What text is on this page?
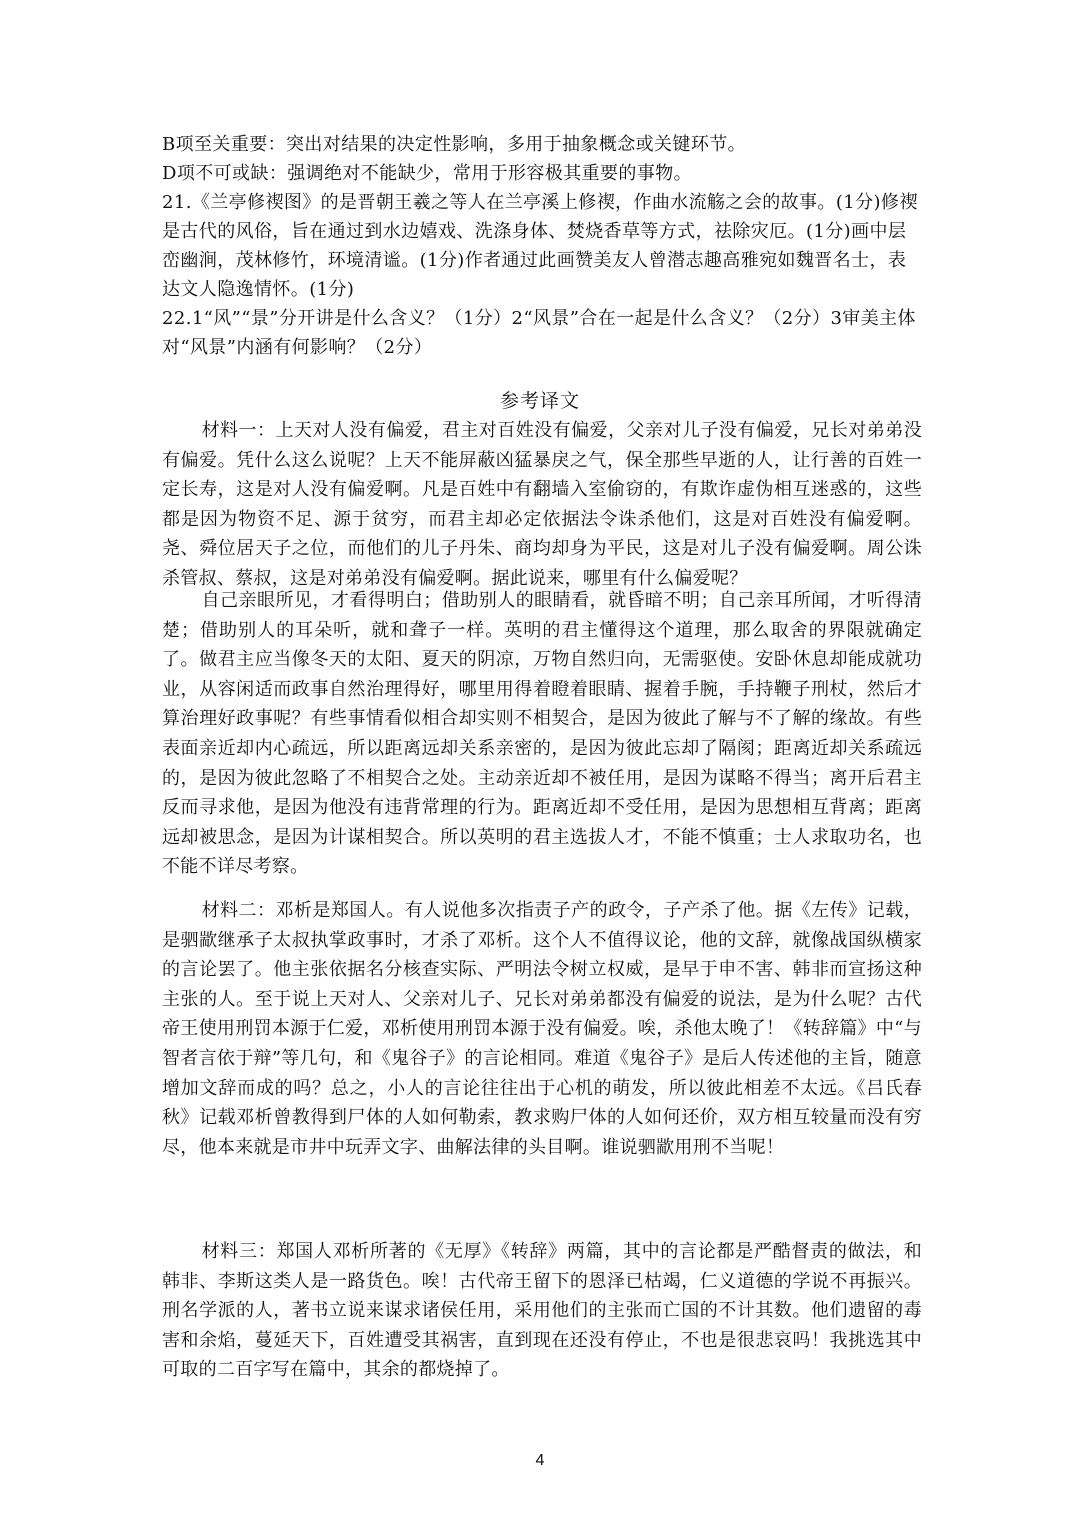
B项至关重要：突出对结果的决定性影响，多用于抽象概念或关键环节。

D项不可或缺：强调绝对不能缺少，常用于形容极其重要的事物。

21.《兰亭修禊图》的是晋朝王羲之等人在兰亭溪上修禊，作曲水流觞之会的故事。(1分)修禊是古代的风俗，旨在通过到水边嬉戏、洗涤身体、焚烧香草等方式，祛除灾厄。(1分)画中层峦幽涧，茂林修竹，环境清谧。(1分)作者通过此画赞美友人曾潜志趣高雅宛如魏晋名士，表达文人隐逸情怀。(1分)

22.1“风”“景”分开讲是什么含义？（1分）2“风景”合在一起是什么含义？（2分）3审美主体对“风景”内涵有何影响？（2分）

参考译文

材料一：上天对人没有偏爱，君主对百姓没有偏爱，父亲对儿子没有偏爱，兄长对弟弟没有偏爱。凭什么这么说呢？上天不能屏蔽凶猛暴戾之气，保全那些早逝的人，让行善的百姓一定长寿，这是对人没有偏爱啊。凡是百姓中有翻墙入室偷窃的，有欺诈虚伪相互迷惑的，这些都是因为物资不足、源于贫穷，而君主却必定依据法令诛杀他们，这是对百姓没有偏爱啊。尧、舜位居天子之位，而他们的儿子丹朱、商均却身为平民，这是对儿子没有偏爱啊。周公诛杀管叔、蔡叔，这是对弟弟没有偏爱啊。据此说来，哪里有什么偏爱呢？

自己亲眼所见，才看得明白；借助别人的眼睛看，就昏暗不明；自己亲耳所闻，才听得清楚；借助别人的耳朵听，就和聋子一样。英明的君主懂得这个道理，那么取舍的界限就确定了。做君主应当像冬天的太阳、夏天的阴凉，万物自然归向，无需驱使。安卧休息却能成就功业，从容闲适而政事自然治理得好，哪里用得着瞪着眼睛、握着手腕，手持鞭子刑杖，然后才算治理好政事呢？有些事情看似相合却实则不相契合，是因为彼此了解与不了解的缘故。有些表面亲近却内心疏远，所以距离远却关系亲密的，是因为彼此忘却了隔阂；距离近却关系疏远的，是因为彼此忽略了不相契合之处。主动亲近却不被任用，是因为谋略不得当；离开后君主反而寻求他，是因为他没有违背常理的行为。距离近却不受任用，是因为思想相互背离；距离远却被思念，是因为计谋相契合。所以英明的君主选拔人才，不能不慎重；士人求取功名，也不能不详尽考察。

材料二：邓析是郑国人。有人说他多次指责子产的政令，子产杀了他。据《左传》记载，是驷歂继承子太叔执掌政事时，才杀了邓析。这个人不值得议论，他的文辞，就像战国纵横家的言论罢了。他主张依据名分核查实际、严明法令树立权威，是早于申不害、韩非而宣扬这种主张的人。至于说上天对人、父亲对儿子、兄长对弟弟都没有偏爱的说法，是为什么呢？古代帝王使用刑罚本源于仁爱，邓析使用刑罚本源于没有偏爱。唉，杀他太晚了！《转辞篇》中“与智者言依于辩”等几句，和《鬼谷子》的言论相同。难道《鬼谷子》是后人传述他的主旨，随意增加文辞而成的吗？总之，小人的言论往往出于心机的萌发，所以彼此相差不太远。《吕氏春秋》记载邓析曾教得到尸体的人如何勒索，教求购尸体的人如何还价，双方相互较量而没有穷尽，他本来就是市井中玩弄文字、曲解法律的头目啊。谁说驷歂用刑不当呢！

材料三：郑国人邓析所著的《无厚》《转辞》两篇，其中的言论都是严酷督责的做法，和韩非、李斯这类人是一路货色。唉！古代帝王留下的恩泽已枯竭，仁义道德的学说不再振兴。刑名学派的人，著书立说来谋求诸侯任用，采用他们的主张而亡国的不计其数。他们遗留的毒害和余焰，蔓延天下，百姓遭受其祸害，直到现在还没有停止，不也是很悲哀吗！我挑选其中可取的二百字写在篇中，其余的都烧掉了。

4
